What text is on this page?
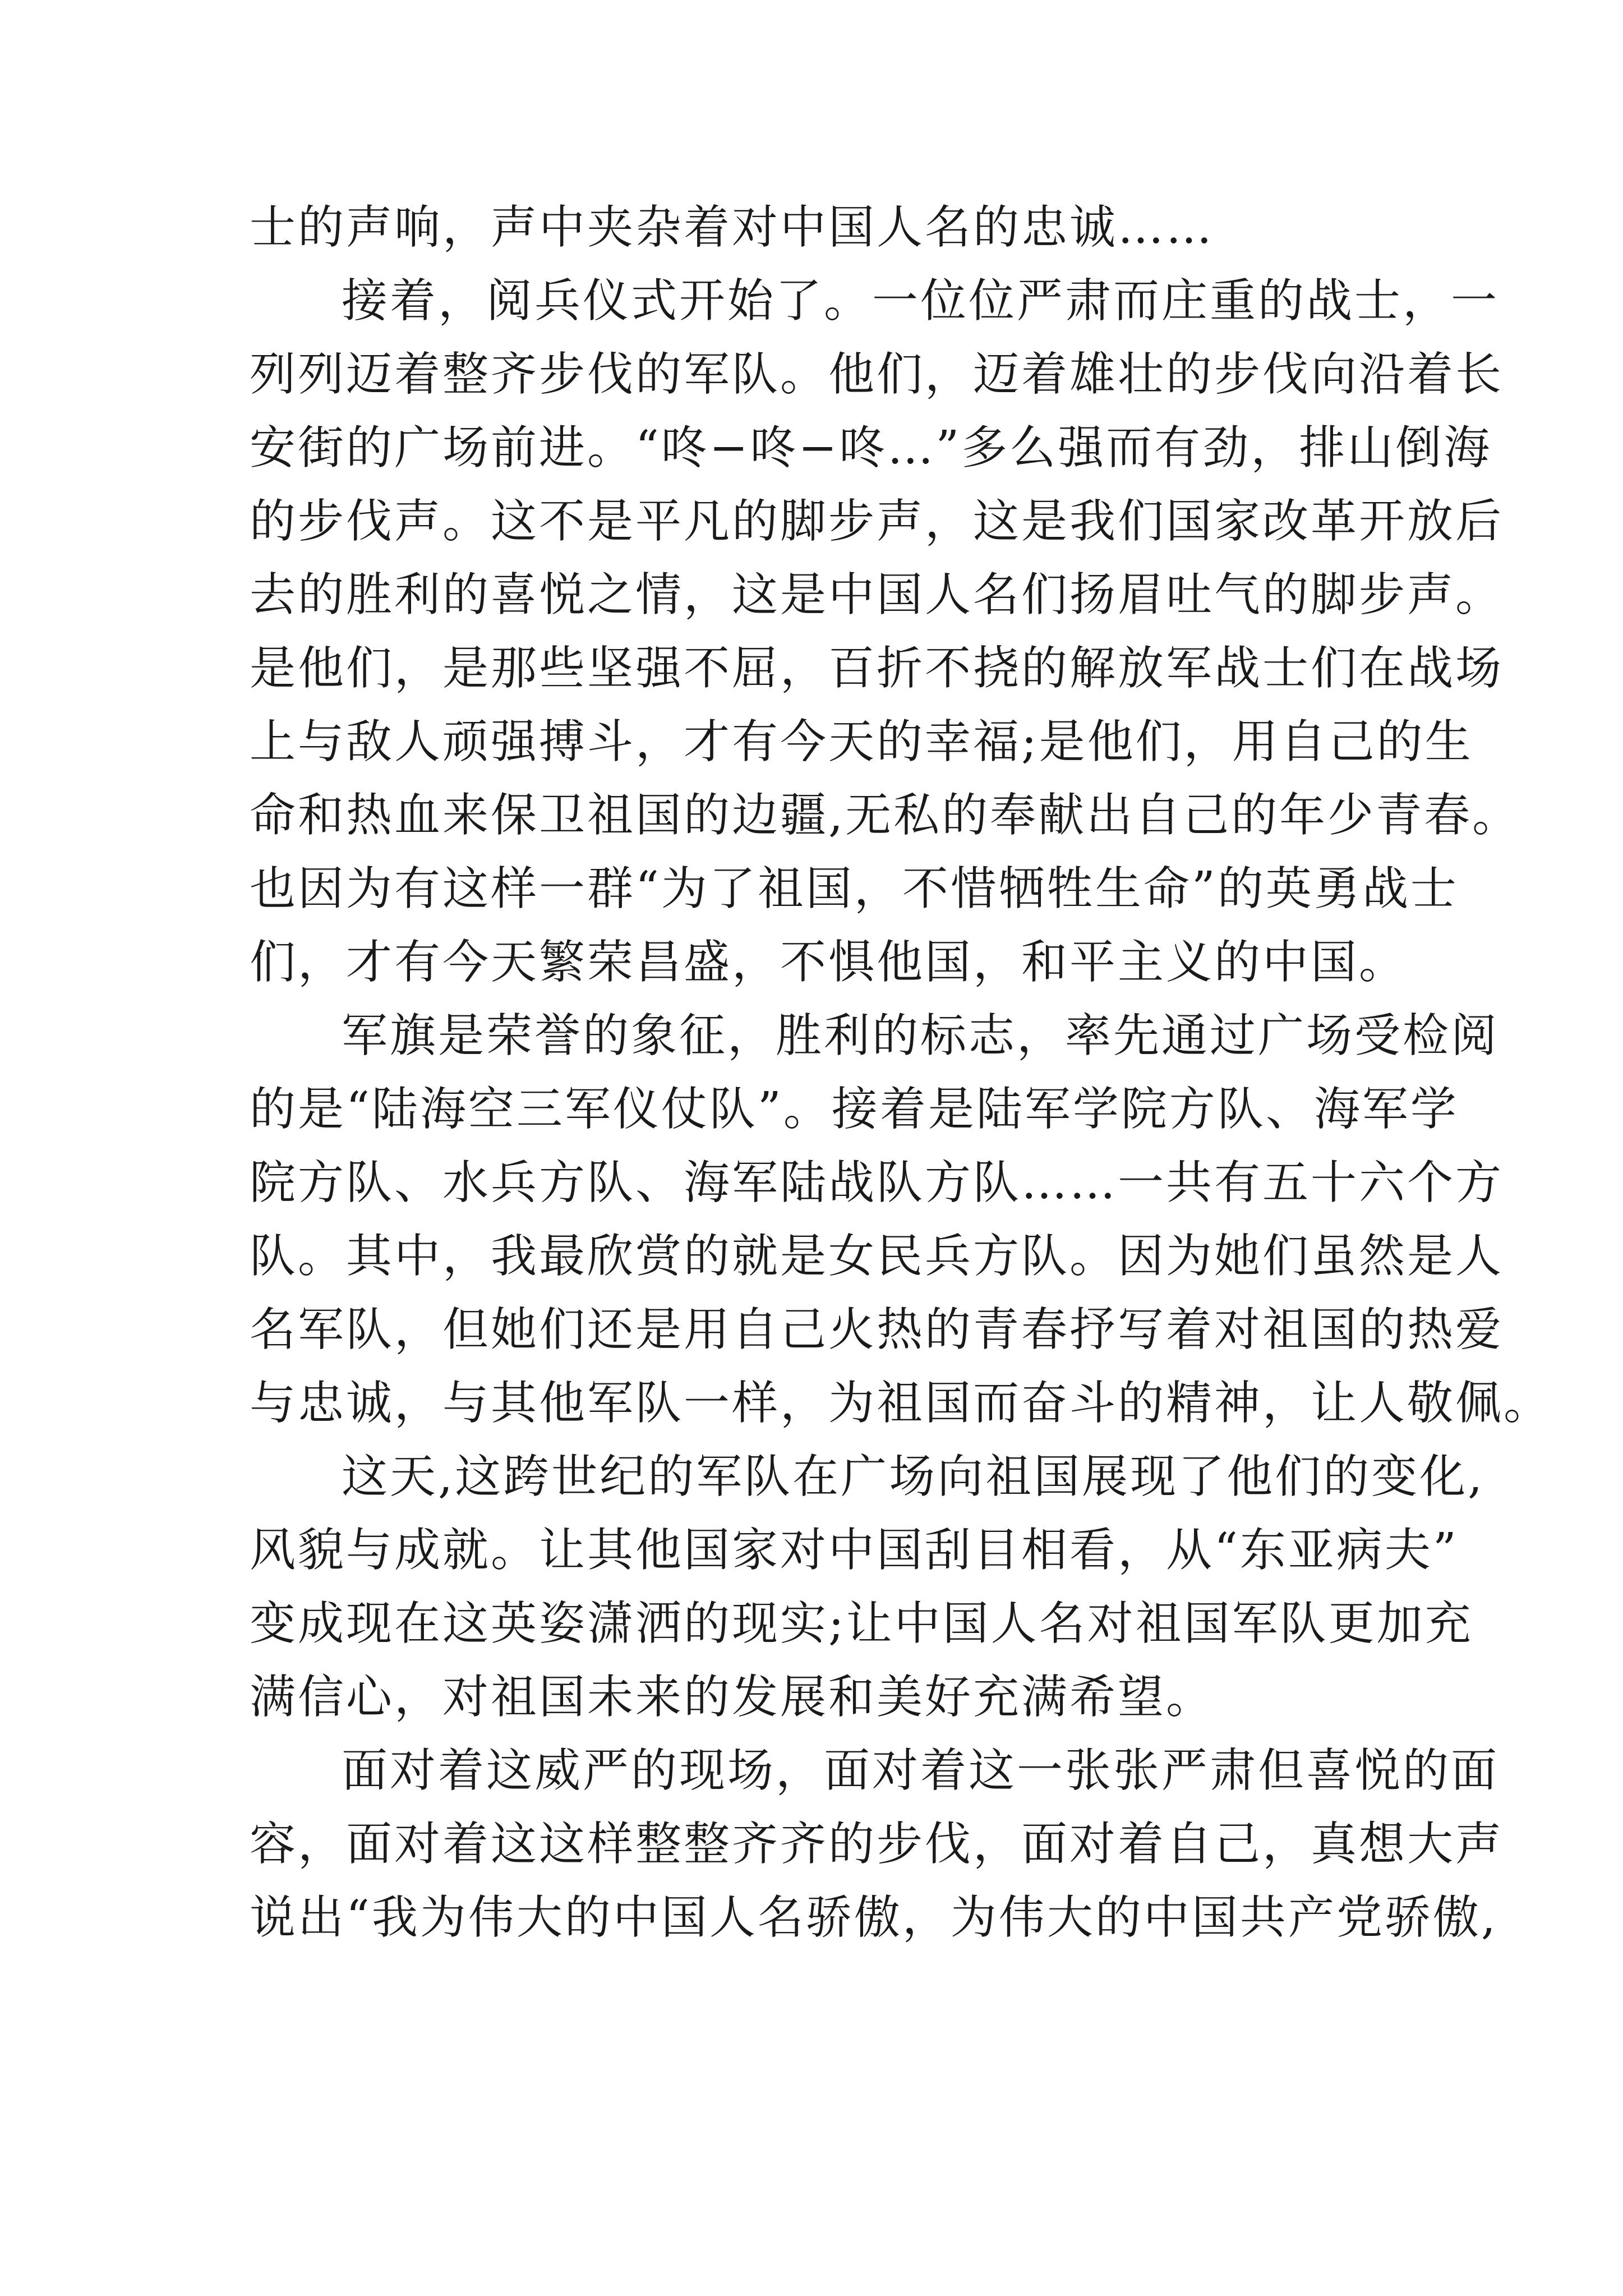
士的声响，声中夹杂着对中国人名的忠诚……
接着，阅兵仪式开始了。一位位严肃而庄重的战士，一
列列迈着整齐步伐的军队。他们，迈着雄壮的步伐向沿着长
安街的广场前进。“咚−咚−咚…”多么强而有劲，排山倒海
的步伐声。这不是平凡的脚步声，这是我们国家改革开放后
去的胜利的喜悦之情，这是中国人名们扬眉吐气的脚步声。
是他们，是那些坚强不屈，百折不挠的解放军战士们在战场
上与敌人顽强搏斗，才有今天的幸福;是他们，用自己的生
命和热血来保卫祖国的边疆,无私的奉献出自己的年少青春。
也因为有这样一群“为了祖国，不惜牺牲生命”的英勇战士
们，才有今天繁荣昌盛，不惧他国，和平主义的中国。
军旗是荣誉的象征，胜利的标志，率先通过广场受检阅
的是“陆海空三军仪仗队”。接着是陆军学院方队、海军学
院方队、水兵方队、海军陆战队方队……一共有五十六个方
队。其中，我最欣赏的就是女民兵方队。因为她们虽然是人
名军队，但她们还是用自己火热的青春抒写着对祖国的热爱
与忠诚，与其他军队一样，为祖国而奋斗的精神，让人敬佩。
这天,这跨世纪的军队在广场向祖国展现了他们的变化,
风貌与成就。让其他国家对中国刮目相看，从“东亚病夫”
变成现在这英姿潇洒的现实;让中国人名对祖国军队更加充
满信心，对祖国未来的发展和美好充满希望。
面对着这威严的现场，面对着这一张张严肃但喜悦的面
容，面对着这这样整整齐齐的步伐，面对着自己，真想大声
说出“我为伟大的中国人名骄傲，为伟大的中国共产党骄傲,
